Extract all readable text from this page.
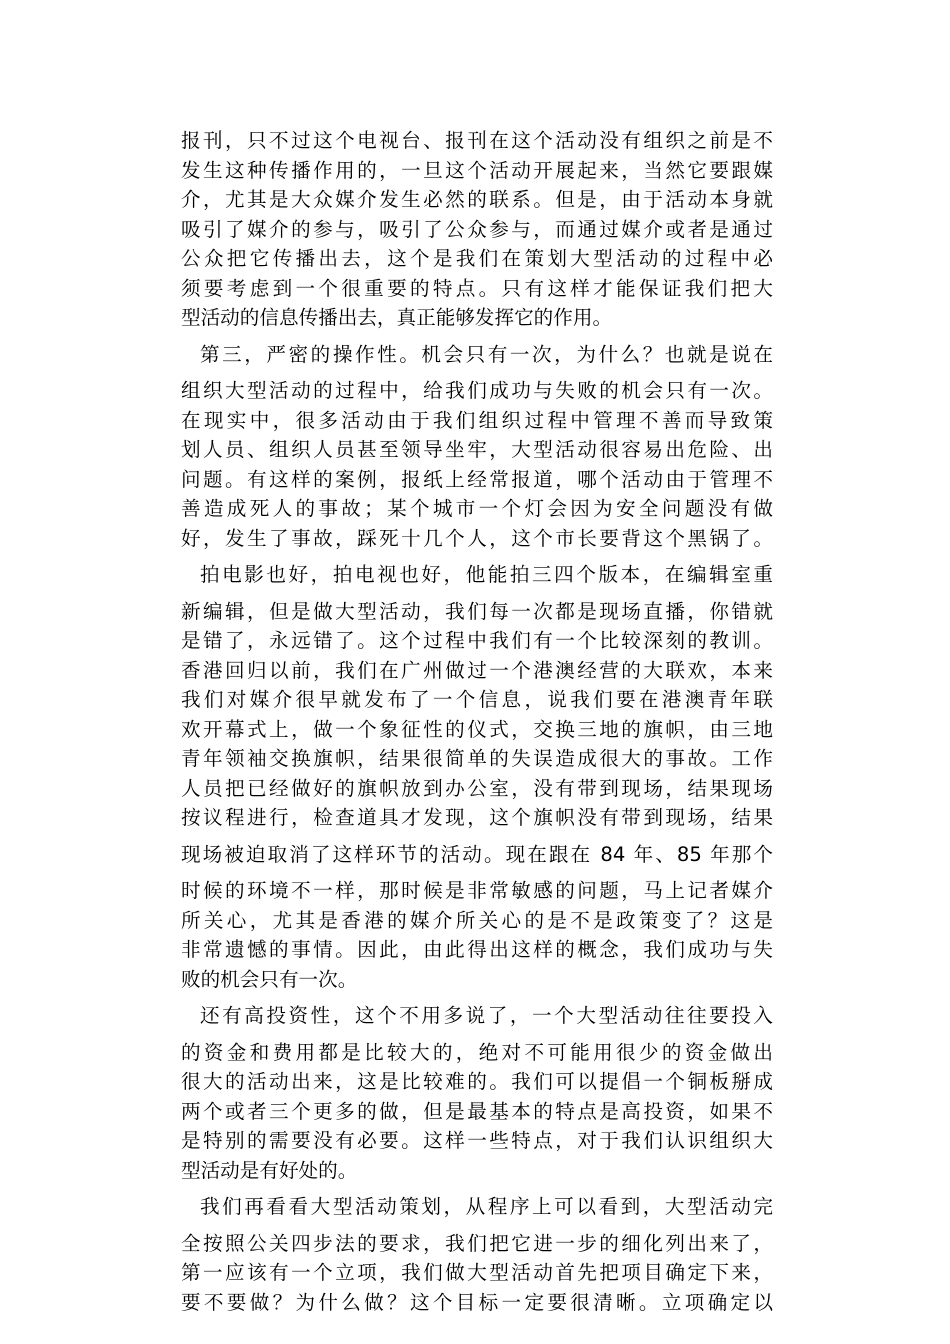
报刊，只不过这个电视台、报刊在这个活动没有组织之前是不
发生这种传播作用的，一旦这个活动开展起来，当然它要跟媒
介，尤其是大众媒介发生必然的联系。但是，由于活动本身就
吸引了媒介的参与，吸引了公众参与，而通过媒介或者是通过
公众把它传播出去，这个是我们在策划大型活动的过程中必
须要考虑到一个很重要的特点。只有这样才能保证我们把大
型活动的信息传播出去，真正能够发挥它的作用。

第三，严密的操作性。机会只有一次，为什么？也就是说在

组织大型活动的过程中，给我们成功与失败的机会只有一次。
在现实中，很多活动由于我们组织过程中管理不善而导致策
划人员、组织人员甚至领导坐牢，大型活动很容易出危险、出
问题。有这样的案例，报纸上经常报道，哪个活动由于管理不
善造成死人的事故；某个城市一个灯会因为安全问题没有做
好，发生了事故，踩死十几个人，这个市长要背这个黑锅了。

拍电影也好，拍电视也好，他能拍三四个版本，在编辑室重

新编辑，但是做大型活动，我们每一次都是现场直播，你错就
是错了，永远错了。这个过程中我们有一个比较深刻的教训。
香港回归以前，我们在广州做过一个港澳经营的大联欢，本来
我们对媒介很早就发布了一个信息，说我们要在港澳青年联
欢开幕式上，做一个象征性的仪式，交换三地的旗帜，由三地
青年领袖交换旗帜，结果很简单的失误造成很大的事故。工作
人员把已经做好的旗帜放到办公室，没有带到现场，结果现场
按议程进行，检查道具才发现，这个旗帜没有带到现场，结果

现场被迫取消了这样环节的活动。现在跟在 84 年、85 年那个

时候的环境不一样，那时候是非常敏感的问题，马上记者媒介
所关心，尤其是香港的媒介所关心的是不是政策变了？这是
非常遗憾的事情。因此，由此得出这样的概念，我们成功与失
败的机会只有一次。

还有高投资性，这个不用多说了，一个大型活动往往要投入

的资金和费用都是比较大的，绝对不可能用很少的资金做出
很大的活动出来，这是比较难的。我们可以提倡一个铜板掰成
两个或者三个更多的做，但是最基本的特点是高投资，如果不
是特别的需要没有必要。这样一些特点，对于我们认识组织大
型活动是有好处的。

我们再看看大型活动策划，从程序上可以看到，大型活动完

全按照公关四步法的要求，我们把它进一步的细化列出来了，
第一应该有一个立项，我们做大型活动首先把项目确定下来，
要不要做？为什么做？这个目标一定要很清晰。立项确定以
